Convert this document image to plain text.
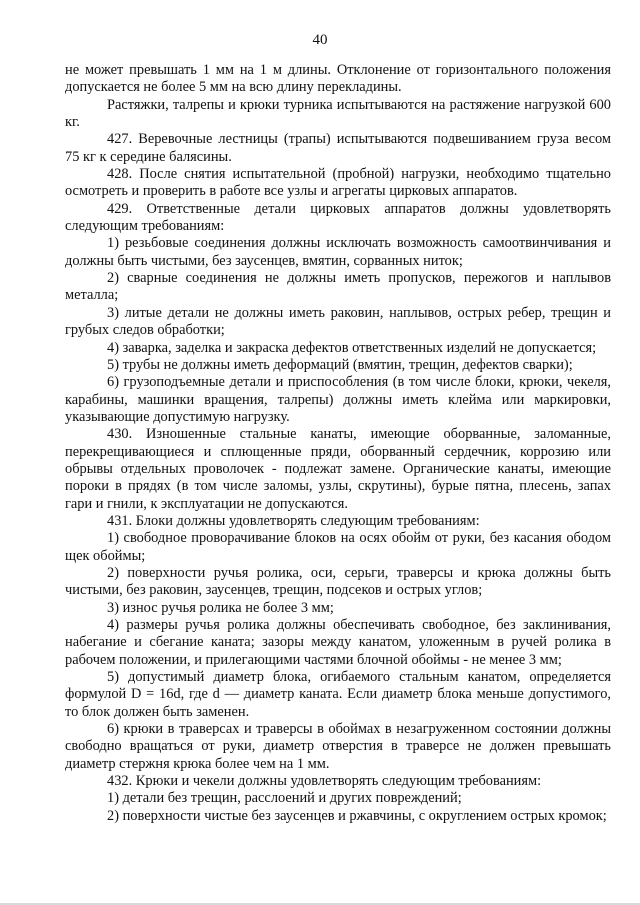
40

не может превышать 1 мм на 1 м длины. Отклонение от горизонтального положения допускается не более 5 мм на всю длину перекладины.

Растяжки, талрепы и крюки турника испытываются на растяжение нагрузкой 600 кг.

427. Веревочные лестницы (трапы) испытываются подвешиванием груза весом 75 кг к середине балясины.

428. После снятия испытательной (пробной) нагрузки, необходимо тщательно осмотреть и проверить в работе все узлы и агрегаты цирковых аппаратов.

429. Ответственные детали цирковых аппаратов должны удовлетворять следующим требованиям:

1) резьбовые соединения должны исключать возможность самоотвинчивания и должны быть чистыми, без заусенцев, вмятин, сорванных ниток;

2) сварные соединения не должны иметь пропусков, пережогов и наплывов металла;

3) литые детали не должны иметь раковин, наплывов, острых ребер, трещин и грубых следов обработки;

4) заварка, заделка и закраска дефектов ответственных изделий не допускается;

5) трубы не должны иметь деформаций (вмятин, трещин, дефектов сварки);

6) грузоподъемные детали и приспособления (в том числе блоки, крюки, чекеля, карабины, машинки вращения, талрепы) должны иметь клейма или маркировки, указывающие допустимую нагрузку.

430. Изношенные стальные канаты, имеющие оборванные, заломанные, перекрещивающиеся и сплющенные пряди, оборванный сердечник, коррозию или обрывы отдельных проволочек - подлежат замене. Органические канаты, имеющие пороки в прядях (в том числе заломы, узлы, скрутины), бурые пятна, плесень, запах гари и гнили, к эксплуатации не допускаются.

431. Блоки должны удовлетворять следующим требованиям:

1) свободное проворачивание блоков на осях обойм от руки, без касания ободом щек обоймы;

2) поверхности ручья ролика, оси, серьги, траверсы и крюка должны быть чистыми, без раковин, заусенцев, трещин, подсеков и острых углов;

3) износ ручья ролика не более 3 мм;

4) размеры ручья ролика должны обеспечивать свободное, без заклинивания, набегание и сбегание каната; зазоры между канатом, уложенным в ручей ролика в рабочем положении, и прилегающими частями блочной обоймы - не менее 3 мм;

5) допустимый диаметр блока, огибаемого стальным канатом, определяется формулой D = 16d, где d — диаметр каната. Если диаметр блока меньше допустимого, то блок должен быть заменен.

6) крюки в траверсах и траверсы в обоймах в незагруженном состоянии должны свободно вращаться от руки, диаметр отверстия в траверсе не должен превышать диаметр стержня крюка более чем на 1 мм.

432. Крюки и чекели должны удовлетворять следующим требованиям:

1) детали без трещин, расслоений и других повреждений;

2) поверхности чистые без заусенцев и ржавчины, с округлением острых кромок;
